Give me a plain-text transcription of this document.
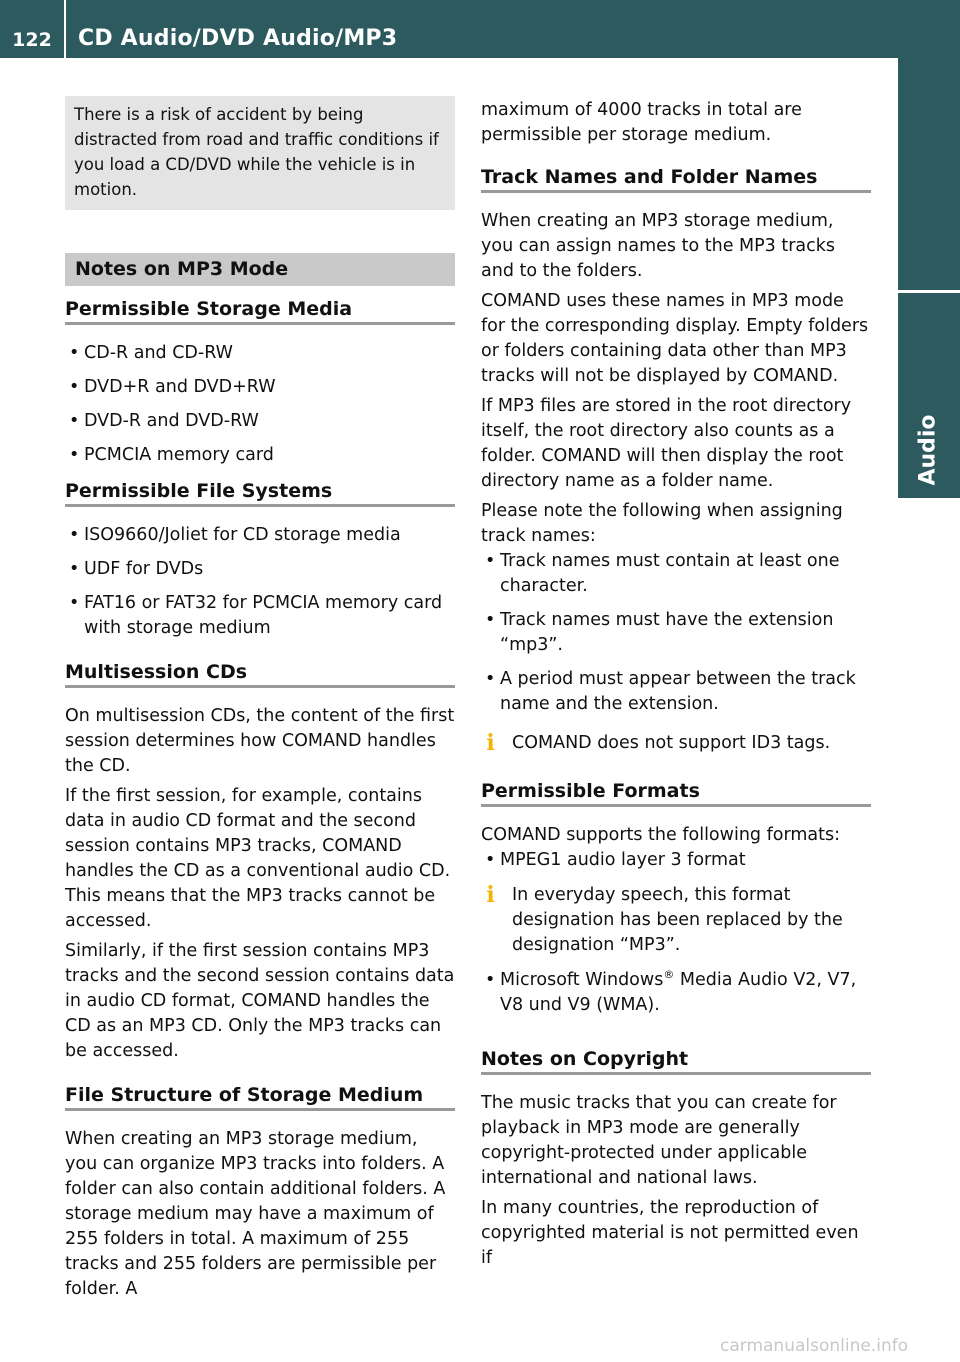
122	CD Audio/DVD Audio/MP3
Audio
There is a risk of accident by being distracted from road and traffic conditions if you load a CD/DVD while the vehicle is in motion.
Notes on MP3 Mode
Permissible Storage Media
• CD-R and CD-RW
• DVD+R and DVD+RW
• DVD-R and DVD-RW
• PCMCIA memory card
Permissible File Systems
• ISO9660/Joliet for CD storage media
• UDF for DVDs
• FAT16 or FAT32 for PCMCIA memory card with storage medium
Multisession CDs

On multisession CDs, the content of the first session determines how COMAND handles the CD.

If the first session, for example, contains data in audio CD format and the second session contains MP3 tracks, COMAND handles the CD as a conventional audio CD. This means that the MP3 tracks cannot be accessed.

Similarly, if the first session contains MP3 tracks and the second session contains data in audio CD format, COMAND handles the CD as an MP3 CD. Only the MP3 tracks can be accessed.

File Structure of Storage Medium

When creating an MP3 storage medium, you can organize MP3 tracks into folders. A folder can also contain additional folders. A storage medium may have a maximum of 255 folders in total. A maximum of 255 tracks and 255 folders are permissible per folder. A

maximum of 4000 tracks in total are permissible per storage medium.

Track Names and Folder Names

When creating an MP3 storage medium, you can assign names to the MP3 tracks and to the folders.

COMAND uses these names in MP3 mode for the corresponding display. Empty folders or folders containing data other than MP3 tracks will not be displayed by COMAND.

If MP3 files are stored in the root directory itself, the root directory also counts as a folder. COMAND will then display the root directory name as a folder name.

Please note the following when assigning track names:

• Track names must contain at least one character.
• Track names must have the extension “mp3”.
• A period must appear between the track name and the extension.
i COMAND does not support ID3 tags.
Permissible Formats

COMAND supports the following formats:

• MPEG1 audio layer 3 format
i In everyday speech, this format designation has been replaced by the designation “MP3”.
• Microsoft Windows® Media Audio V2, V7, V8 und V9 (WMA).
Notes on Copyright

The music tracks that you can create for playback in MP3 mode are generally copyright-protected under applicable international and national laws.

In many countries, the reproduction of copyrighted material is not permitted even if

carmanualsonline.info
